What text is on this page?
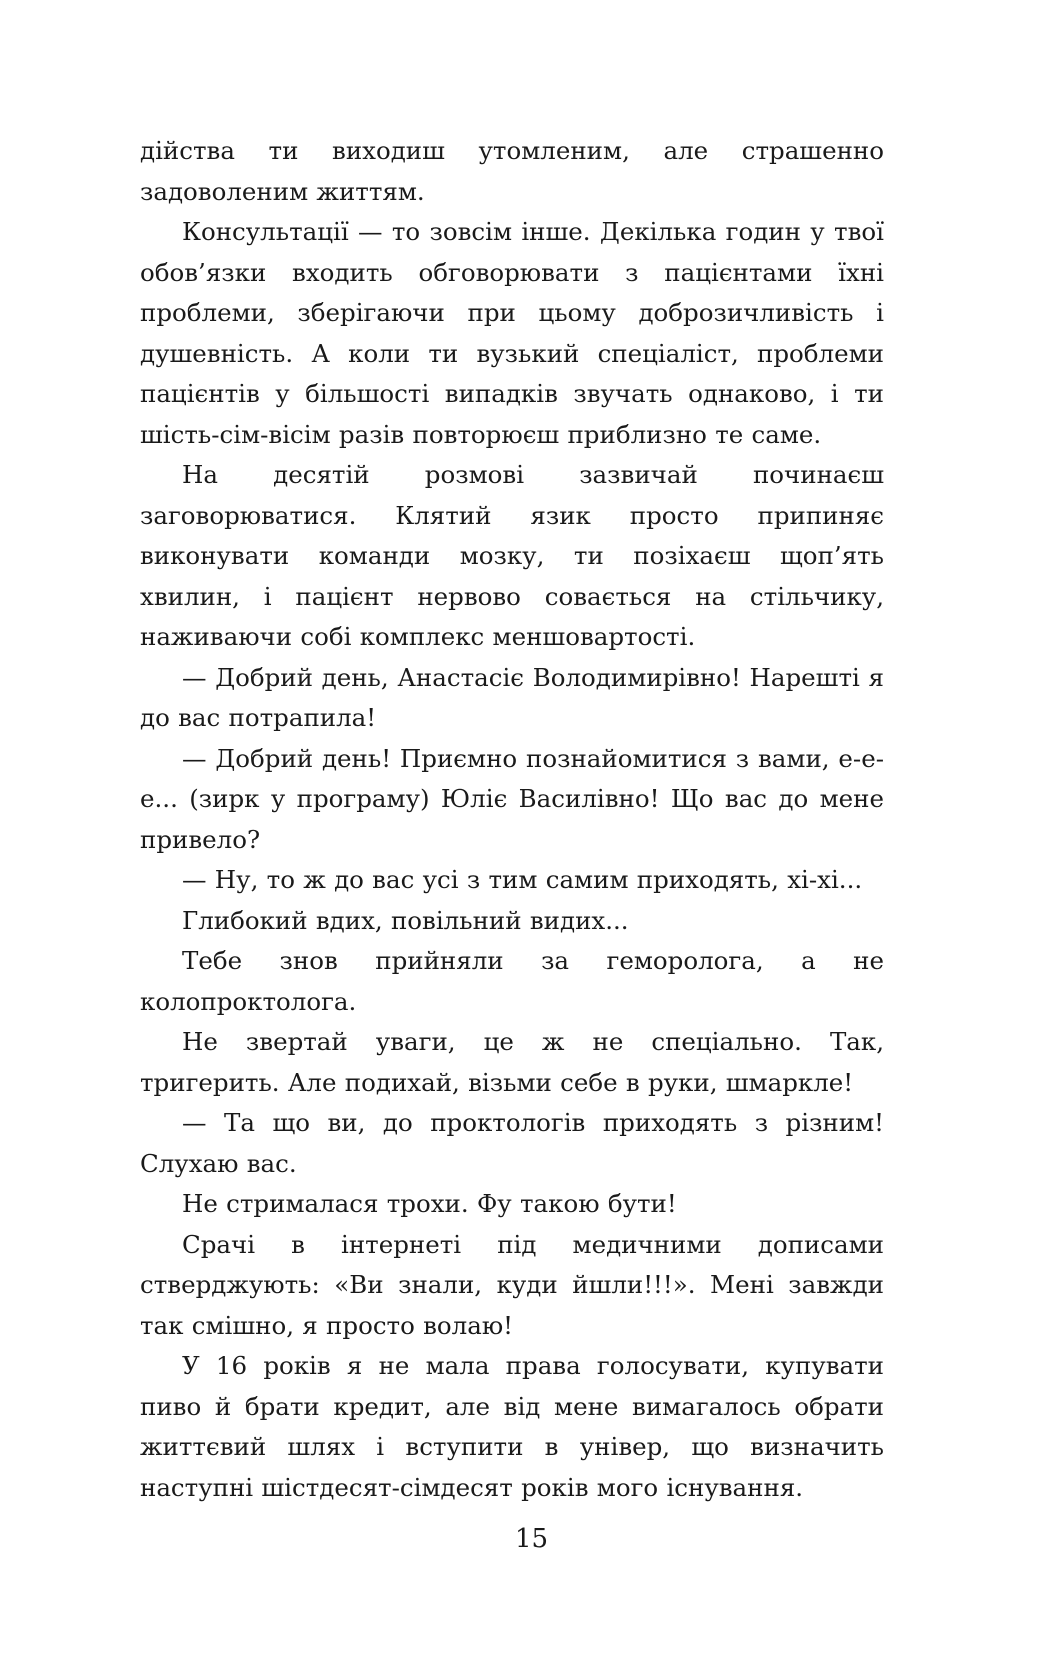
дійства ти виходиш утомленим, але страшенно задоволеним життям.

Консультації — то зовсім інше. Декілька годин у твої обов’язки входить обговорювати з пацієнтами їхні проблеми, зберігаючи при цьому доброзичливість і душевність. А коли ти вузький спеціаліст, проблеми пацієнтів у більшості випадків звучать однаково, і ти шість-сім-вісім разів повторюєш приблизно те саме.

На десятій розмові зазвичай починаєш заговорюватися. Клятий язик просто припиняє виконувати команди мозку, ти позіхаєш щоп’ять хвилин, і пацієнт нервово совається на стільчику, наживаючи собі комплекс меншовартості.

— Добрий день, Анастасіє Володимирівно! Нарешті я до вас потрапила!

— Добрий день! Приємно познайомитися з вами, е-е-е... (зирк у програму) Юліє Василівно! Що вас до мене привело?

— Ну, то ж до вас усі з тим самим приходять, хі-хі...

Глибокий вдих, повільний видих...

Тебе знов прийняли за геморолога, а не колопроктолога.

Не звертай уваги, це ж не спеціально. Так, тригерить. Але подихай, візьми себе в руки, шмаркле!

— Та що ви, до проктологів приходять з різним! Слухаю вас.

Не стрималася трохи. Фу такою бути!

Срачі в інтернеті під медичними дописами стверджують: «Ви знали, куди йшли!!!». Мені завжди так смішно, я просто волаю!

У 16 років я не мала права голосувати, купувати пиво й брати кредит, але від мене вимагалось обрати життєвий шлях і вступити в універ, що визначить наступні шістдесят-сімдесят років мого існування.

15
